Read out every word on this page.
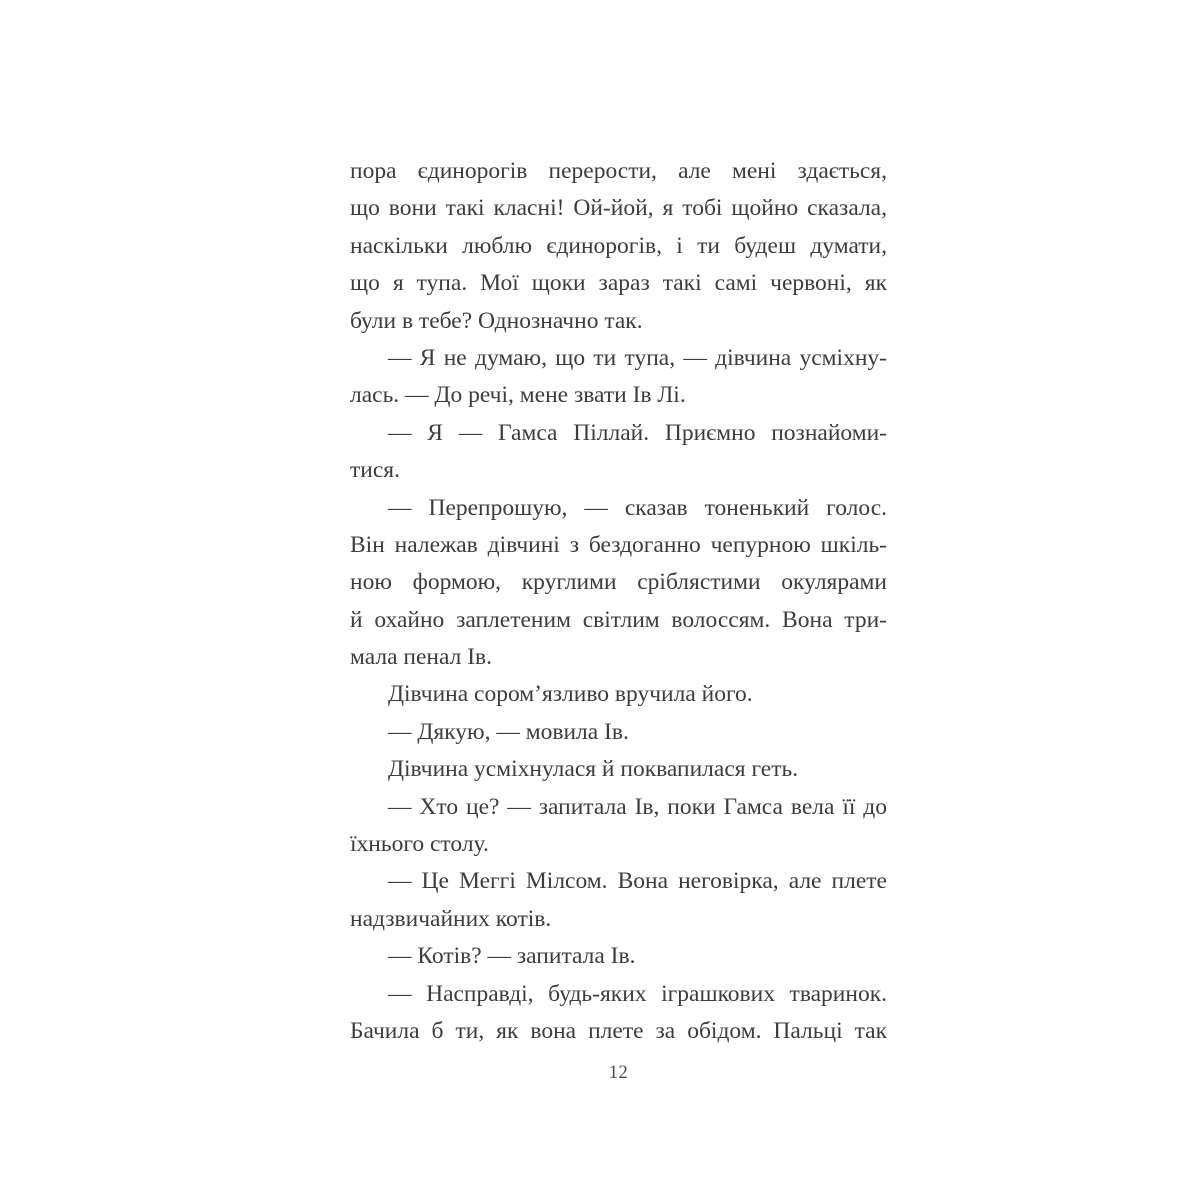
пора єдинорогів перерости, але мені здається,
що вони такі класні! Ой-йой, я тобі щойно сказала,
наскільки люблю єдинорогів, і ти будеш думати,
що я тупа. Мої щоки зараз такі самі червоні, як
були в тебе? Однозначно так.
— Я не думаю, що ти тупа, — дівчина усміхну-
лась. — До речі, мене звати Ів Лі.
— Я — Гамса Піллай. Приємно познайоми-
тися.
— Перепрошую, — сказав тоненький голос.
Він належав дівчині з бездоганно чепурною шкіль-
ною формою, круглими сріблястими окулярами
й охайно заплетеним світлим волоссям. Вона три-
мала пенал Ів.
Дівчина сором’язливо вручила його.
— Дякую, — мовила Ів.
Дівчина усміхнулася й поквапилася геть.
— Хто це? — запитала Ів, поки Гамса вела її до
їхнього столу.
— Це Меггі Мілсом. Вона неговірка, але плете
надзвичайних котів.
— Котів? — запитала Ів.
— Насправді, будь-яких іграшкових тваринок.
Бачила б ти, як вона плете за обідом. Пальці так
12
